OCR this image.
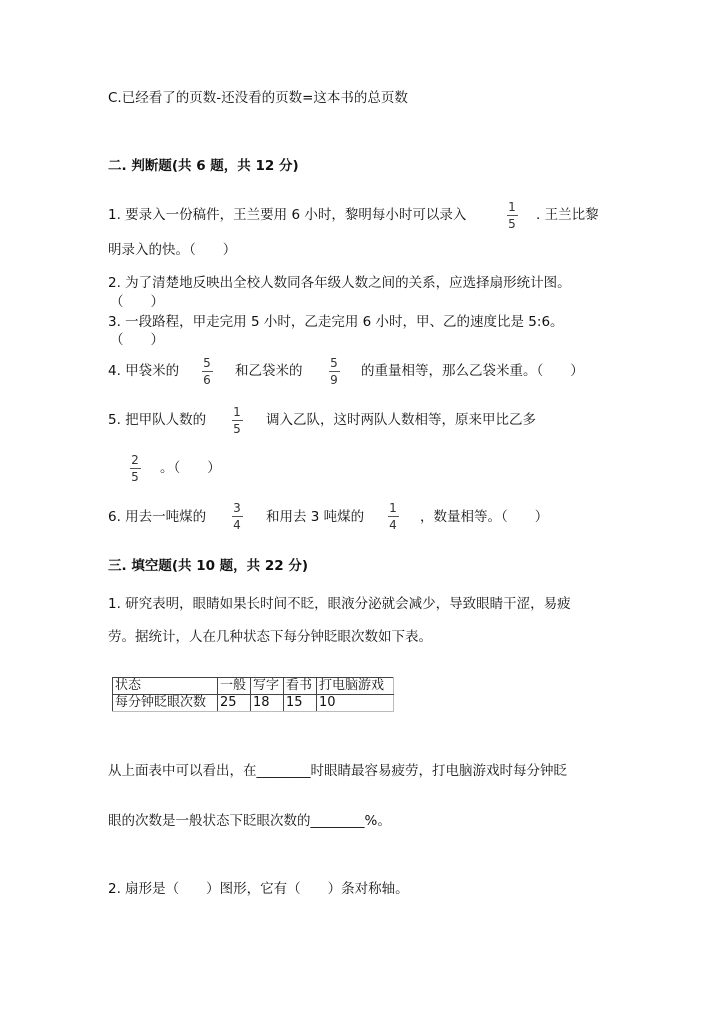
C.已经看了的页数-还没看的页数=这本书的总页数
二. 判断题(共 6 题，共 12 分)
1. 要录入一份稿件，王兰要用 6 小时，黎明每小时可以录入	1
5
. 王兰比黎
明录入的快。（　　）
2. 为了清楚地反映出全校人数同各年级人数之间的关系，应选择扇形统计图。
（　　）
3. 一段路程，甲走完用 5 小时，乙走完用 6 小时，甲、乙的速度比是 5:6。
（　　）
4. 甲袋米的 5
6
和乙袋米的 5
9
的重量相等，那么乙袋米重。（　　）
5. 把甲队人数的 1
5
调入乙队，这时两队人数相等，原来甲比乙多
2
5
。（　　）
6. 用去一吨煤的
3
4 和用去 3 吨煤的
1
4 ，数量相等。（　　）
三. 填空题(共 10 题，共 22 分)
1. 研究表明，眼睛如果长时间不眨，眼液分泌就会减少，导致眼睛干涩，易疲
劳。据统计，人在几种状态下每分钟眨眼次数如下表。
状态	一般	写字	看书	打电脑游戏
每分钟眨眼次数	25	18	15	10
从上面表中可以看出，在________时眼睛最容易疲劳，打电脑游戏时每分钟眨
眼的次数是一般状态下眨眼次数的________%。
2. 扇形是（　　）图形，它有（　　）条对称轴。
